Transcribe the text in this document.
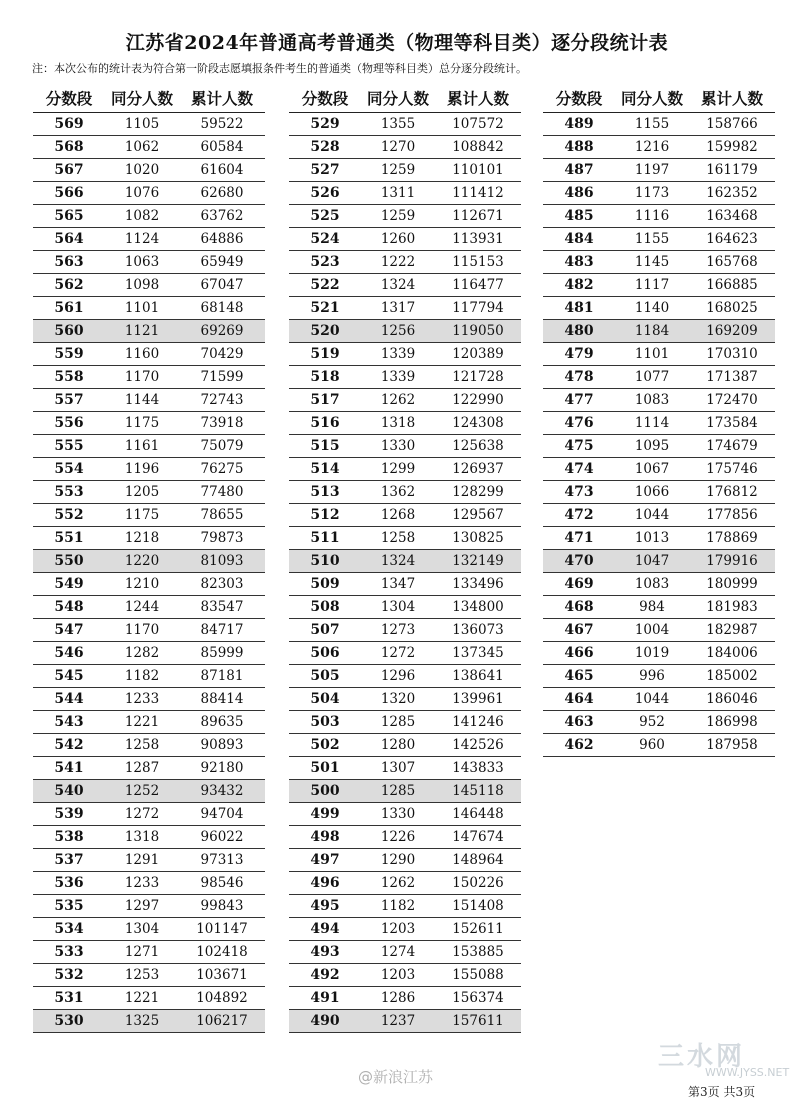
江苏省2024年普通高考普通类（物理等科目类）逐分段统计表
注：本次公布的统计表为符合第一阶段志愿填报条件考生的普通类（物理等科目类）总分逐分段统计。
分数段	同分人数	累计人数
569	1105	59522
568	1062	60584
567	1020	61604
566	1076	62680
565	1082	63762
564	1124	64886
563	1063	65949
562	1098	67047
561	1101	68148
560	1121	69269
559	1160	70429
558	1170	71599
557	1144	72743
556	1175	73918
555	1161	75079
554	1196	76275
553	1205	77480
552	1175	78655
551	1218	79873
550	1220	81093
549	1210	82303
548	1244	83547
547	1170	84717
546	1282	85999
545	1182	87181
544	1233	88414
543	1221	89635
542	1258	90893
541	1287	92180
540	1252	93432
539	1272	94704
538	1318	96022
537	1291	97313
536	1233	98546
535	1297	99843
534	1304	101147
533	1271	102418
532	1253	103671
531	1221	104892
530	1325	106217
分数段	同分人数	累计人数
529	1355	107572
528	1270	108842
527	1259	110101
526	1311	111412
525	1259	112671
524	1260	113931
523	1222	115153
522	1324	116477
521	1317	117794
520	1256	119050
519	1339	120389
518	1339	121728
517	1262	122990
516	1318	124308
515	1330	125638
514	1299	126937
513	1362	128299
512	1268	129567
511	1258	130825
510	1324	132149
509	1347	133496
508	1304	134800
507	1273	136073
506	1272	137345
505	1296	138641
504	1320	139961
503	1285	141246
502	1280	142526
501	1307	143833
500	1285	145118
499	1330	146448
498	1226	147674
497	1290	148964
496	1262	150226
495	1182	151408
494	1203	152611
493	1274	153885
492	1203	155088
491	1286	156374
490	1237	157611
分数段	同分人数	累计人数
489	1155	158766
488	1216	159982
487	1197	161179
486	1173	162352
485	1116	163468
484	1155	164623
483	1145	165768
482	1117	166885
481	1140	168025
480	1184	169209
479	1101	170310
478	1077	171387
477	1083	172470
476	1114	173584
475	1095	174679
474	1067	175746
473	1066	176812
472	1044	177856
471	1013	178869
470	1047	179916
469	1083	180999
468	984	181983
467	1004	182987
466	1019	184006
465	996	185002
464	1044	186046
463	952	186998
462	960	187958
三水网
WWW.JYSS.NET
@新浪江苏
第3页 共3页
